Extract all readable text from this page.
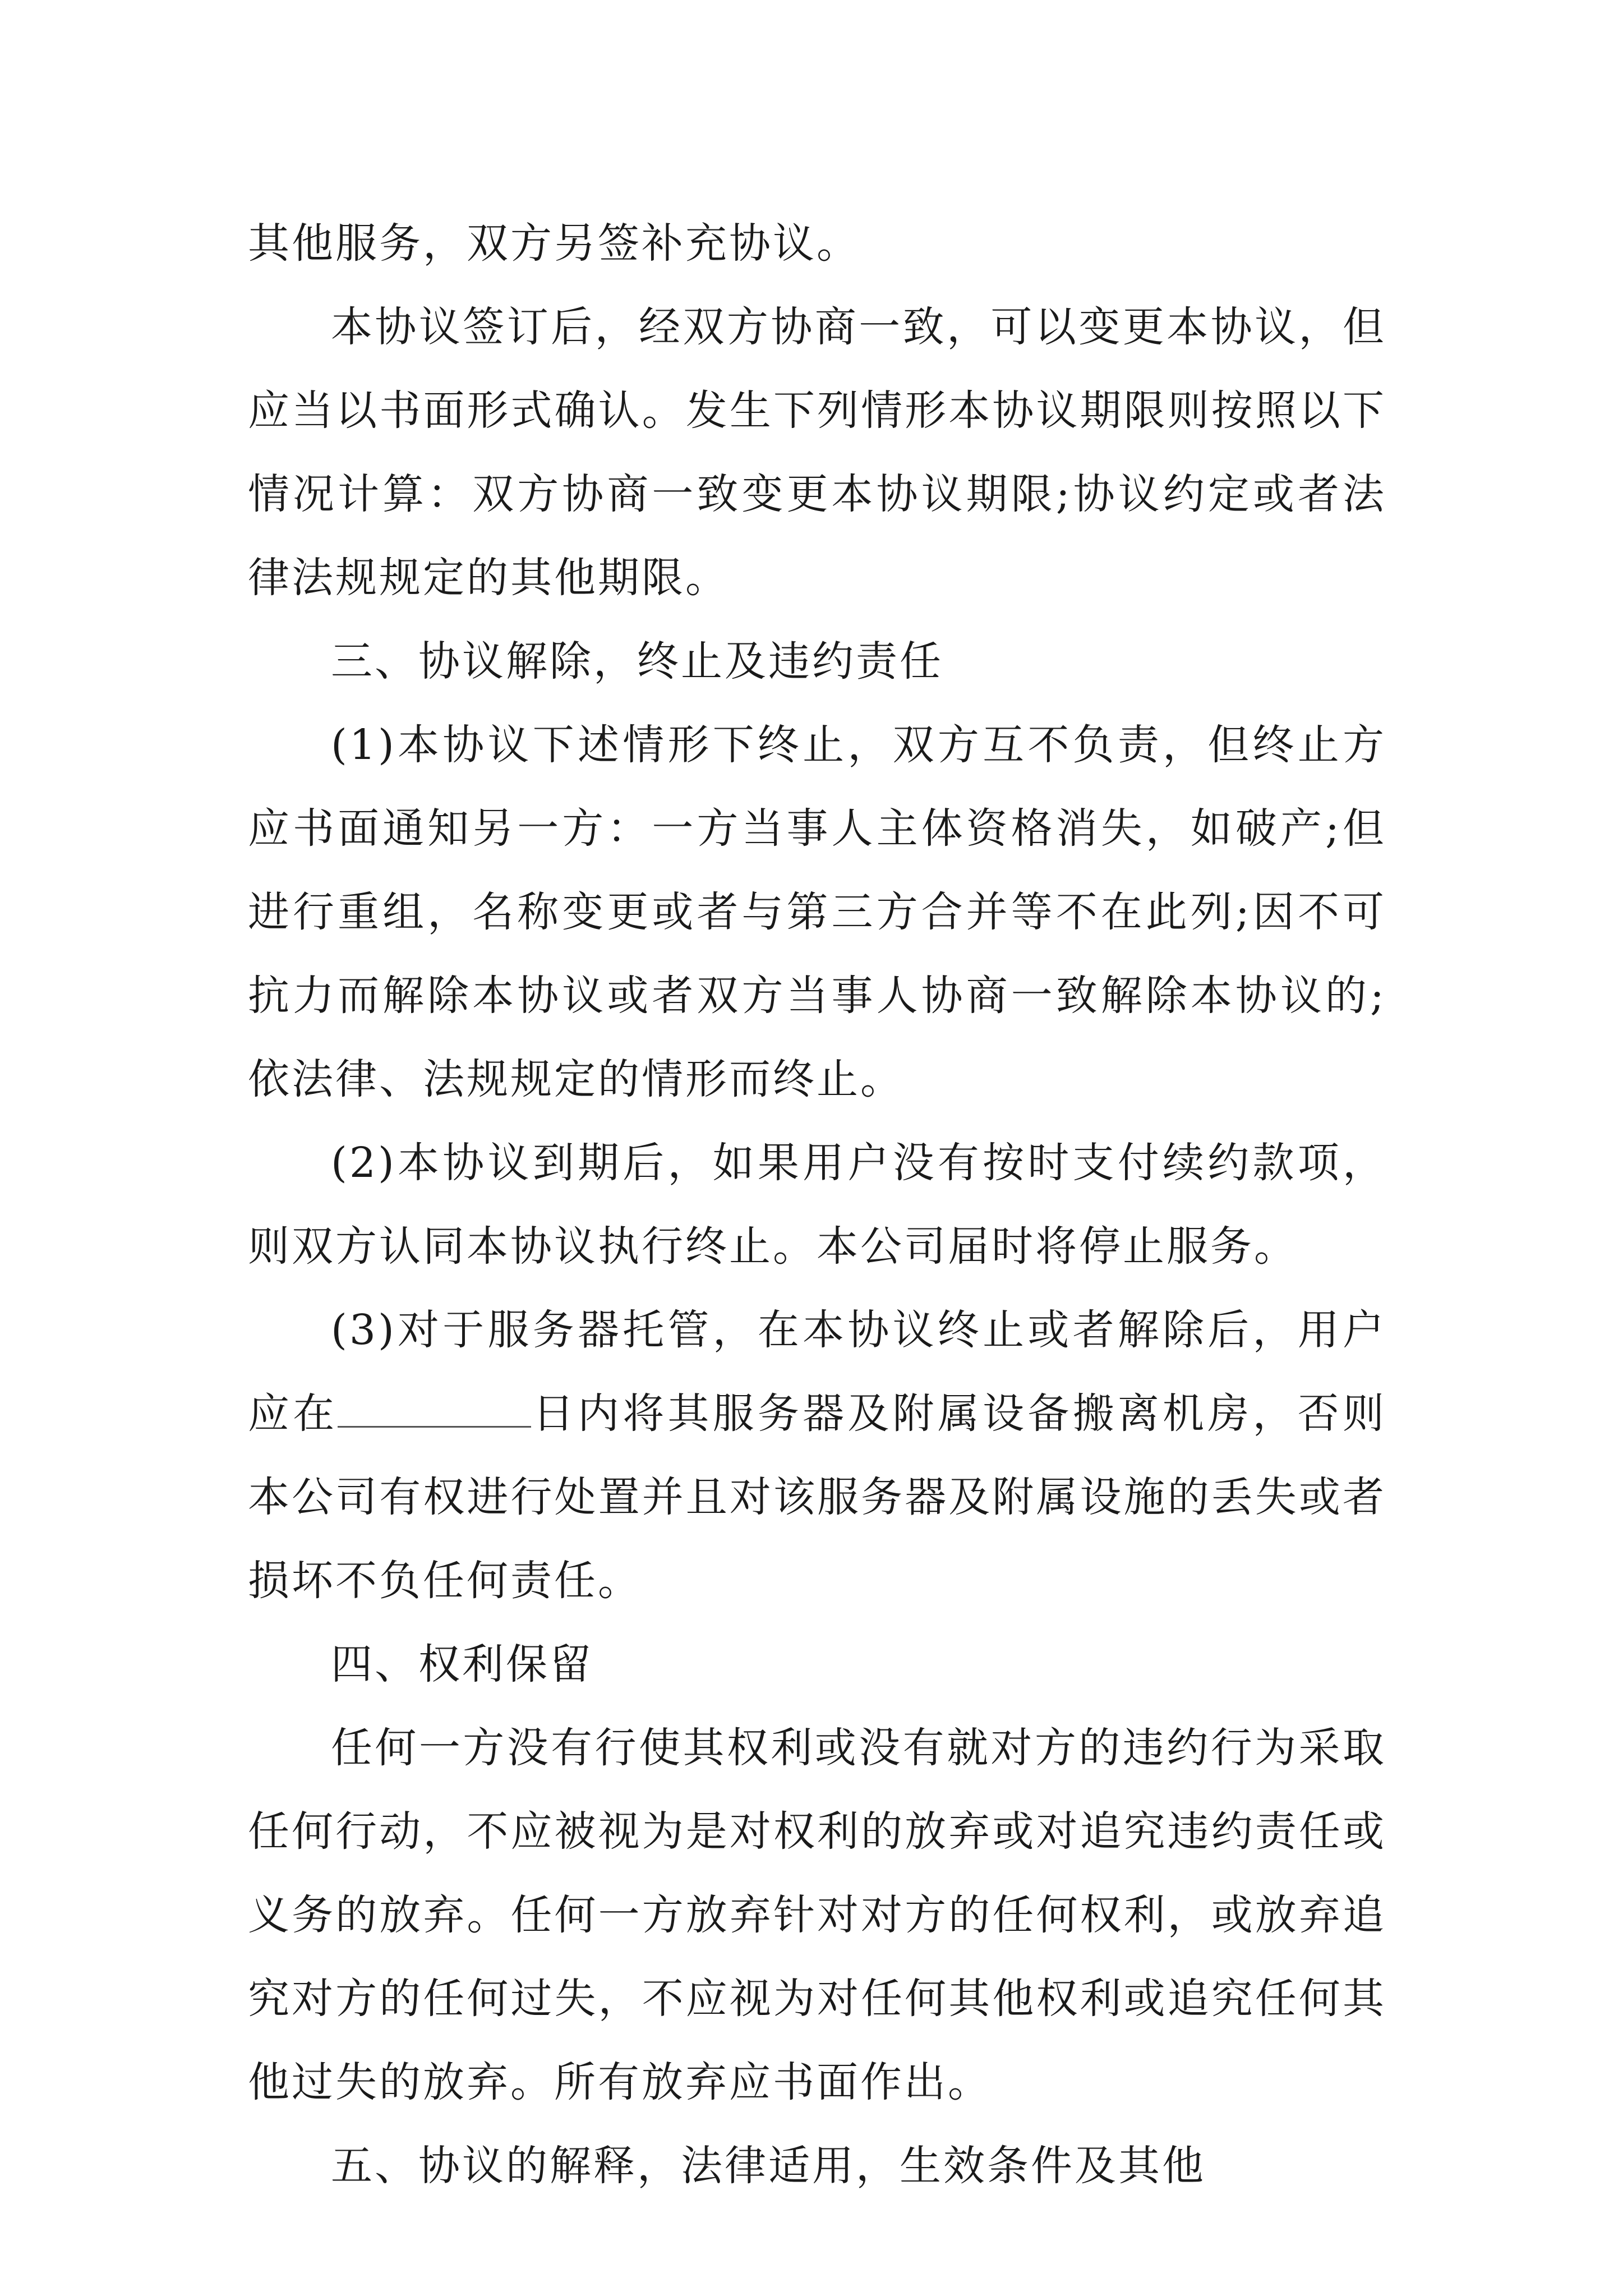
其他服务，双方另签补充协议。

本协议签订后，经双方协商一致，可以变更本协议，但应当以书面形式确认。发生下列情形本协议期限则按照以下情况计算：双方协商一致变更本协议期限;协议约定或者法律法规规定的其他期限。

三、协议解除，终止及违约责任

(1)本协议下述情形下终止，双方互不负责，但终止方应书面通知另一方：一方当事人主体资格消失，如破产;但进行重组，名称变更或者与第三方合并等不在此列;因不可抗力而解除本协议或者双方当事人协商一致解除本协议的;依法律、法规规定的情形而终止。

(2)本协议到期后，如果用户没有按时支付续约款项，则双方认同本协议执行终止。本公司届时将停止服务。

(3)对于服务器托管，在本协议终止或者解除后，用户应在	日内将其服务器及附属设备搬离机房，否则本公司有权进行处置并且对该服务器及附属设施的丢失或者损坏不负任何责任。

四、权利保留

任何一方没有行使其权利或没有就对方的违约行为采取任何行动，不应被视为是对权利的放弃或对追究违约责任或义务的放弃。任何一方放弃针对对方的任何权利，或放弃追究对方的任何过失，不应视为对任何其他权利或追究任何其他过失的放弃。所有放弃应书面作出。

五、协议的解释，法律适用，生效条件及其他
